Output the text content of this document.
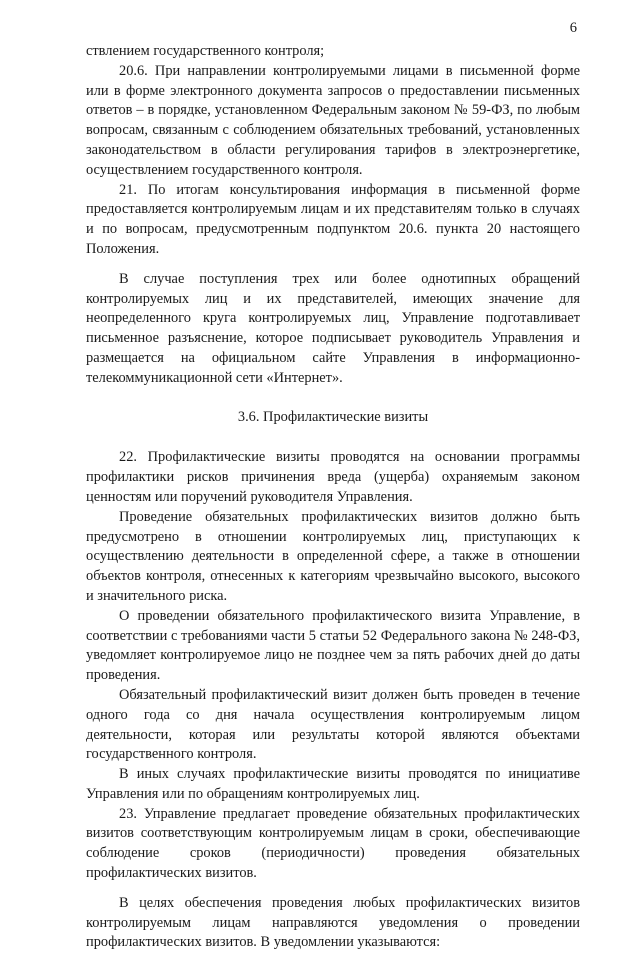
6

ствлением государственного контроля;

20.6. При направлении контролируемыми лицами в письменной форме или в форме электронного документа запросов о предоставлении письменных ответов – в порядке, установленном Федеральным законом № 59-ФЗ, по любым вопросам, связанным с соблюдением обязательных требований, установленных законодательством в области регулирования тарифов в электроэнергетике, осуществлением государственного контроля.

21. По итогам консультирования информация в письменной форме предоставляется контролируемым лицам и их представителям только в случаях и по вопросам, предусмотренным подпунктом 20.6. пункта 20 настоящего Положения.

В случае поступления трех или более однотипных обращений контролируемых лиц и их представителей, имеющих значение для неопределенного круга контролируемых лиц, Управление подготавливает письменное разъяснение, которое подписывает руководитель Управления и размещается на официальном сайте Управления в информационно-телекоммуникационной сети «Интернет».

3.6. Профилактические визиты

22. Профилактические визиты проводятся на основании программы профилактики рисков причинения вреда (ущерба) охраняемым законом ценностям или поручений руководителя Управления.

Проведение обязательных профилактических визитов должно быть предусмотрено в отношении контролируемых лиц, приступающих к осуществлению деятельности в определенной сфере, а также в отношении объектов контроля, отнесенных к категориям чрезвычайно высокого, высокого и значительного риска.

О проведении обязательного профилактического визита Управление, в соответствии с требованиями части 5 статьи 52 Федерального закона № 248-ФЗ, уведомляет контролируемое лицо не позднее чем за пять рабочих дней до даты проведения.

Обязательный профилактический визит должен быть проведен в течение одного года со дня начала осуществления контролируемым лицом деятельности, которая или результаты которой являются объектами государственного контроля.

В иных случаях профилактические визиты проводятся по инициативе Управления или по обращениям контролируемых лиц.

23. Управление предлагает проведение обязательных профилактических визитов соответствующим контролируемым лицам в сроки, обеспечивающие соблюдение сроков (периодичности) проведения обязательных профилактических визитов.

В целях обеспечения проведения любых профилактических визитов контролируемым лицам направляются уведомления о проведении профилактических визитов. В уведомлении указываются:
